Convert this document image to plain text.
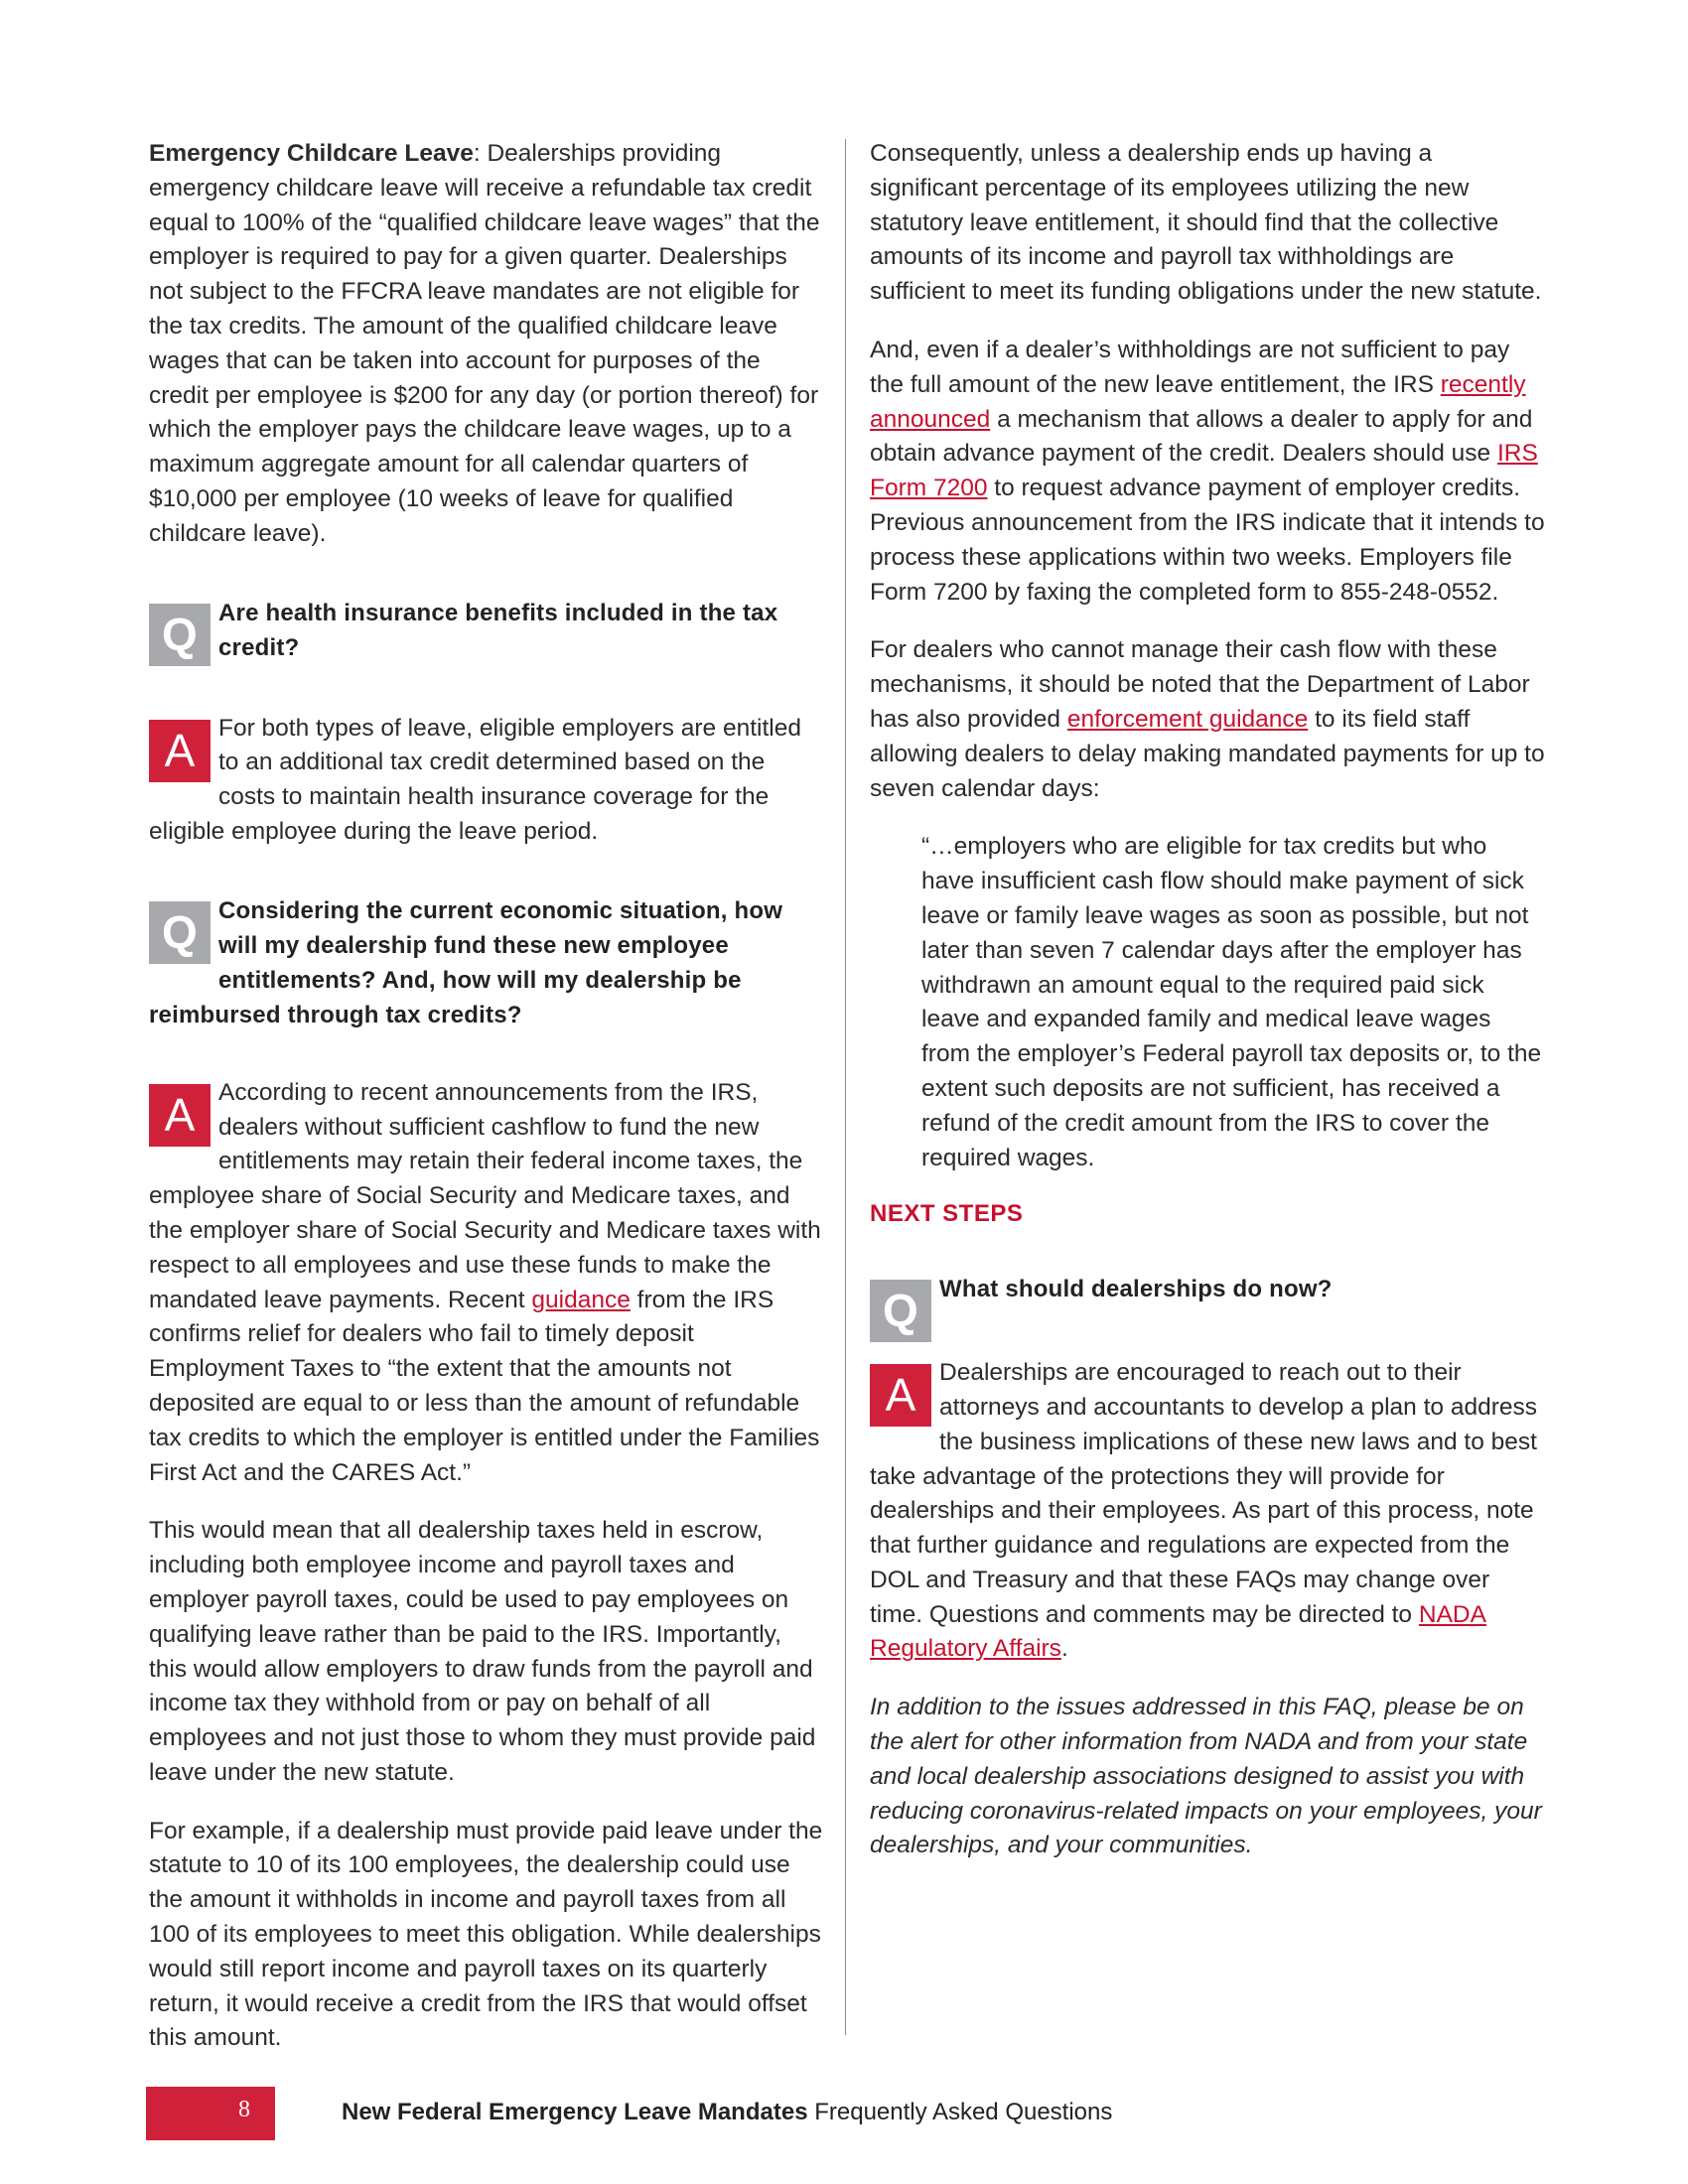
Emergency Childcare Leave: Dealerships providing emergency childcare leave will receive a refundable tax credit equal to 100% of the “qualified childcare leave wages” that the employer is required to pay for a given quarter. Dealerships not subject to the FFCRA leave mandates are not eligible for the tax credits. The amount of the qualified childcare leave wages that can be taken into account for purposes of the credit per employee is $200 for any day (or portion thereof) for which the employer pays the childcare leave wages, up to a maximum aggregate amount for all calendar quarters of $10,000 per employee (10 weeks of leave for qualified childcare leave).

Q Are health insurance benefits included in the tax credit?
A For both types of leave, eligible employers are entitled to an additional tax credit determined based on the costs to maintain health insurance coverage for the eligible employee during the leave period.
Q Considering the current economic situation, how will my dealership fund these new employee entitlements? And, how will my dealership be reimbursed through tax credits?
A According to recent announcements from the IRS, dealers without sufficient cashflow to fund the new entitlements may retain their federal income taxes, the employee share of Social Security and Medicare taxes, and the employer share of Social Security and Medicare taxes with respect to all employees and use these funds to make the mandated leave payments. Recent guidance from the IRS confirms relief for dealers who fail to timely deposit Employment Taxes to “the extent that the amounts not deposited are equal to or less than the amount of refundable tax credits to which the employer is entitled under the Families First Act and the CARES Act.”

This would mean that all dealership taxes held in escrow, including both employee income and payroll taxes and employer payroll taxes, could be used to pay employees on qualifying leave rather than be paid to the IRS. Importantly, this would allow employers to draw funds from the payroll and income tax they withhold from or pay on behalf of all employees and not just those to whom they must provide paid leave under the new statute.

For example, if a dealership must provide paid leave under the statute to 10 of its 100 employees, the dealership could use the amount it withholds in income and payroll taxes from all 100 of its employees to meet this obligation. While dealerships would still report income and payroll taxes on its quarterly return, it would receive a credit from the IRS that would offset this amount.

Consequently, unless a dealership ends up having a significant percentage of its employees utilizing the new statutory leave entitlement, it should find that the collective amounts of its income and payroll tax withholdings are sufficient to meet its funding obligations under the new statute.

And, even if a dealer’s withholdings are not sufficient to pay the full amount of the new leave entitlement, the IRS recently announced a mechanism that allows a dealer to apply for and obtain advance payment of the credit. Dealers should use IRS Form 7200 to request advance payment of employer credits. Previous announcement from the IRS indicate that it intends to process these applications within two weeks. Employers file Form 7200 by faxing the completed form to 855-248-0552.

For dealers who cannot manage their cash flow with these mechanisms, it should be noted that the Department of Labor has also provided enforcement guidance to its field staff allowing dealers to delay making mandated payments for up to seven calendar days:

“…employers who are eligible for tax credits but who have insufficient cash flow should make payment of sick leave or family leave wages as soon as possible, but not later than seven 7 calendar days after the employer has withdrawn an amount equal to the required paid sick leave and expanded family and medical leave wages from the employer’s Federal payroll tax deposits or, to the extent such deposits are not sufficient, has received a refund of the credit amount from the IRS to cover the required wages.

NEXT STEPS
Q What should dealerships do now?
A Dealerships are encouraged to reach out to their attorneys and accountants to develop a plan to address the business implications of these new laws and to best take advantage of the protections they will provide for dealerships and their employees. As part of this process, note that further guidance and regulations are expected from the DOL and Treasury and that these FAQs may change over time. Questions and comments may be directed to NADA Regulatory Affairs.

In addition to the issues addressed in this FAQ, please be on the alert for other information from NADA and from your state and local dealership associations designed to assist you with reducing coronavirus-related impacts on your employees, your dealerships, and your communities.

8	New Federal Emergency Leave Mandates Frequently Asked Questions
